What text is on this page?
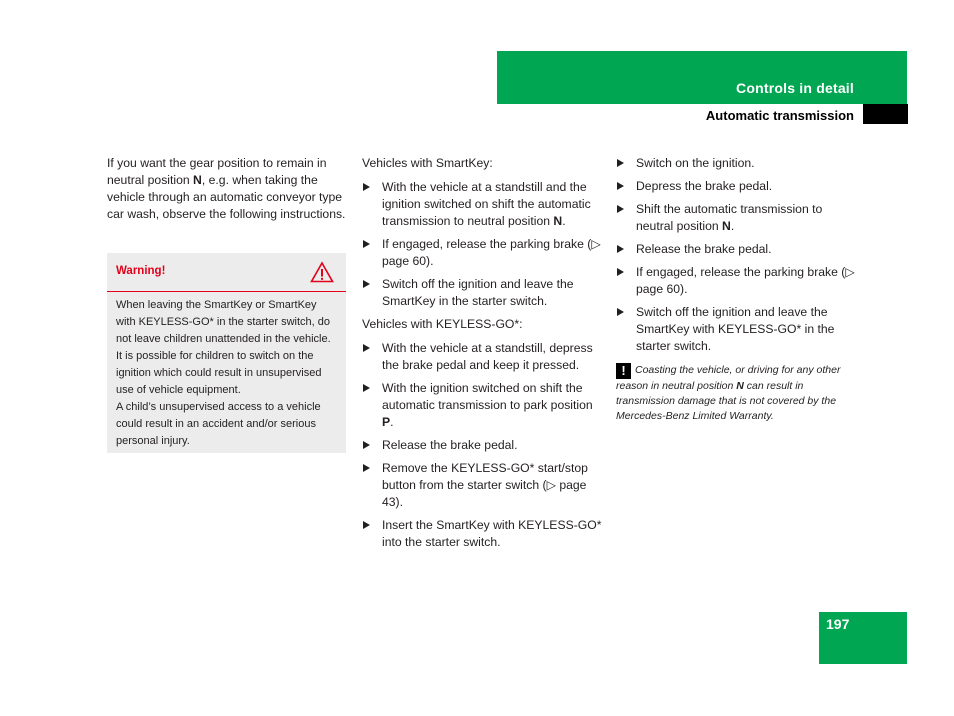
Controls in detail
Automatic transmission

If you want the gear position to remain in neutral position N, e.g. when taking the vehicle through an automatic conveyor type car wash, observe the following instructions.

Warning!
When leaving the SmartKey or SmartKey with KEYLESS-GO* in the starter switch, do not leave children unattended in the vehicle. It is possible for children to switch on the ignition which could result in unsupervised use of vehicle equipment.
A child’s unsupervised access to a vehicle could result in an accident and/or serious personal injury.

Vehicles with SmartKey:

With the vehicle at a standstill and the ignition switched on shift the automatic transmission to neutral position N.
If engaged, release the parking brake (▷ page 60).
Switch off the ignition and leave the SmartKey in the starter switch.

Vehicles with KEYLESS-GO*:

With the vehicle at a standstill, depress the brake pedal and keep it pressed.
With the ignition switched on shift the automatic transmission to park position P.
Release the brake pedal.
Remove the KEYLESS-GO* start/stop button from the starter switch (▷ page 43).
Insert the SmartKey with KEYLESS-GO* into the starter switch.
Switch on the ignition.
Depress the brake pedal.
Shift the automatic transmission to neutral position N.
Release the brake pedal.
If engaged, release the parking brake (▷ page 60).
Switch off the ignition and leave the SmartKey with KEYLESS-GO* in the starter switch.
! Coasting the vehicle, or driving for any other reason in neutral position N can result in transmission damage that is not covered by the Mercedes-Benz Limited Warranty.
197
